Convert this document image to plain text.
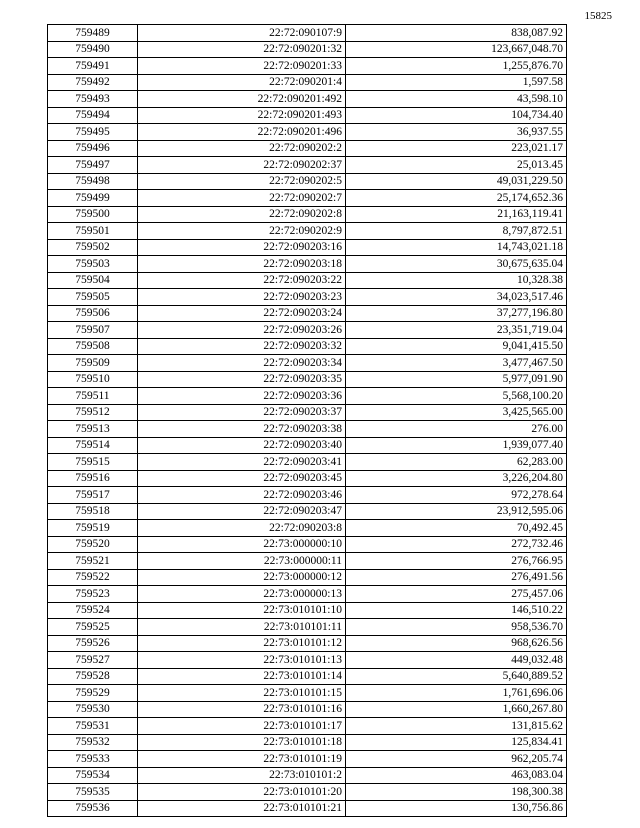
15825
759489	22:72:090107:9	838,087.92
759490	22:72:090201:32	123,667,048.70
759491	22:72:090201:33	1,255,876.70
759492	22:72:090201:4	1,597.58
759493	22:72:090201:492	43,598.10
759494	22:72:090201:493	104,734.40
759495	22:72:090201:496	36,937.55
759496	22:72:090202:2	223,021.17
759497	22:72:090202:37	25,013.45
759498	22:72:090202:5	49,031,229.50
759499	22:72:090202:7	25,174,652.36
759500	22:72:090202:8	21,163,119.41
759501	22:72:090202:9	8,797,872.51
759502	22:72:090203:16	14,743,021.18
759503	22:72:090203:18	30,675,635.04
759504	22:72:090203:22	10,328.38
759505	22:72:090203:23	34,023,517.46
759506	22:72:090203:24	37,277,196.80
759507	22:72:090203:26	23,351,719.04
759508	22:72:090203:32	9,041,415.50
759509	22:72:090203:34	3,477,467.50
759510	22:72:090203:35	5,977,091.90
759511	22:72:090203:36	5,568,100.20
759512	22:72:090203:37	3,425,565.00
759513	22:72:090203:38	276.00
759514	22:72:090203:40	1,939,077.40
759515	22:72:090203:41	62,283.00
759516	22:72:090203:45	3,226,204.80
759517	22:72:090203:46	972,278.64
759518	22:72:090203:47	23,912,595.06
759519	22:72:090203:8	70,492.45
759520	22:73:000000:10	272,732.46
759521	22:73:000000:11	276,766.95
759522	22:73:000000:12	276,491.56
759523	22:73:000000:13	275,457.06
759524	22:73:010101:10	146,510.22
759525	22:73:010101:11	958,536.70
759526	22:73:010101:12	968,626.56
759527	22:73:010101:13	449,032.48
759528	22:73:010101:14	5,640,889.52
759529	22:73:010101:15	1,761,696.06
759530	22:73:010101:16	1,660,267.80
759531	22:73:010101:17	131,815.62
759532	22:73:010101:18	125,834.41
759533	22:73:010101:19	962,205.74
759534	22:73:010101:2	463,083.04
759535	22:73:010101:20	198,300.38
759536	22:73:010101:21	130,756.86
